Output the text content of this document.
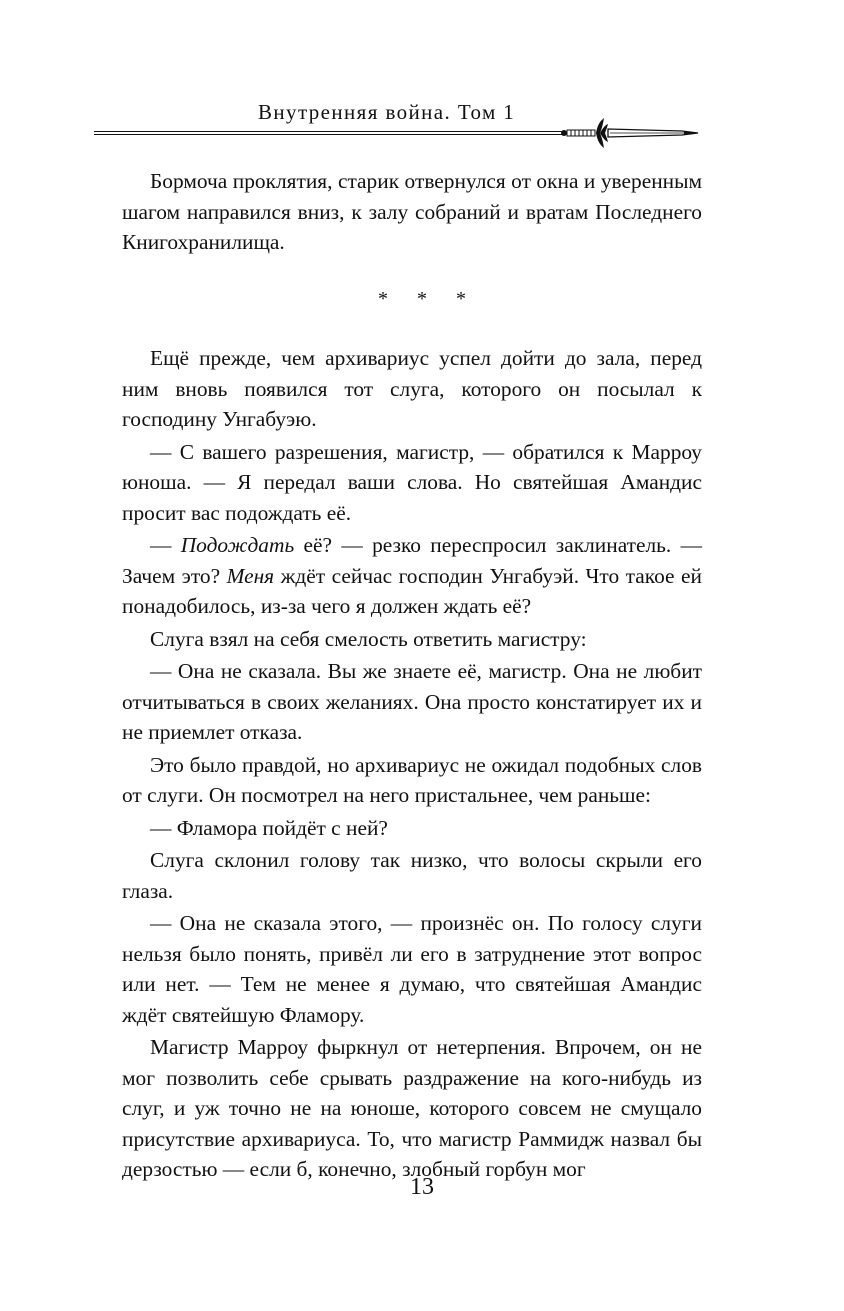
Внутренняя война. Том 1

Бормоча проклятия, старик отвернулся от окна и уверенным шагом направился вниз, к залу собраний и вратам Последнего Книгохранилища.

* * *

Ещё прежде, чем архивариус успел дойти до зала, перед ним вновь появился тот слуга, которого он посылал к господину Унгабуэю.

— С вашего разрешения, магистр, — обратился к Марроу юноша. — Я передал ваши слова. Но святейшая Амандис просит вас подождать её.

— Подождать её? — резко переспросил заклинатель. — Зачем это? Меня ждёт сейчас господин Унгабуэй. Что такое ей понадобилось, из-за чего я должен ждать её?

Слуга взял на себя смелость ответить магистру:

— Она не сказала. Вы же знаете её, магистр. Она не любит отчитываться в своих желаниях. Она просто констатирует их и не приемлет отказа.

Это было правдой, но архивариус не ожидал подобных слов от слуги. Он посмотрел на него пристальнее, чем раньше:

— Фламора пойдёт с ней?

Слуга склонил голову так низко, что волосы скрыли его глаза.

— Она не сказала этого, — произнёс он. По голосу слуги нельзя было понять, привёл ли его в затруднение этот вопрос или нет. — Тем не менее я думаю, что святейшая Амандис ждёт святейшую Фламору.

Магистр Марроу фыркнул от нетерпения. Впрочем, он не мог позволить себе срывать раздражение на кого-нибудь из слуг, и уж точно не на юноше, которого совсем не смущало присутствие архивариуса. То, что магистр Раммидж назвал бы дерзостью — если б, конечно, злобный горбун мог

13
